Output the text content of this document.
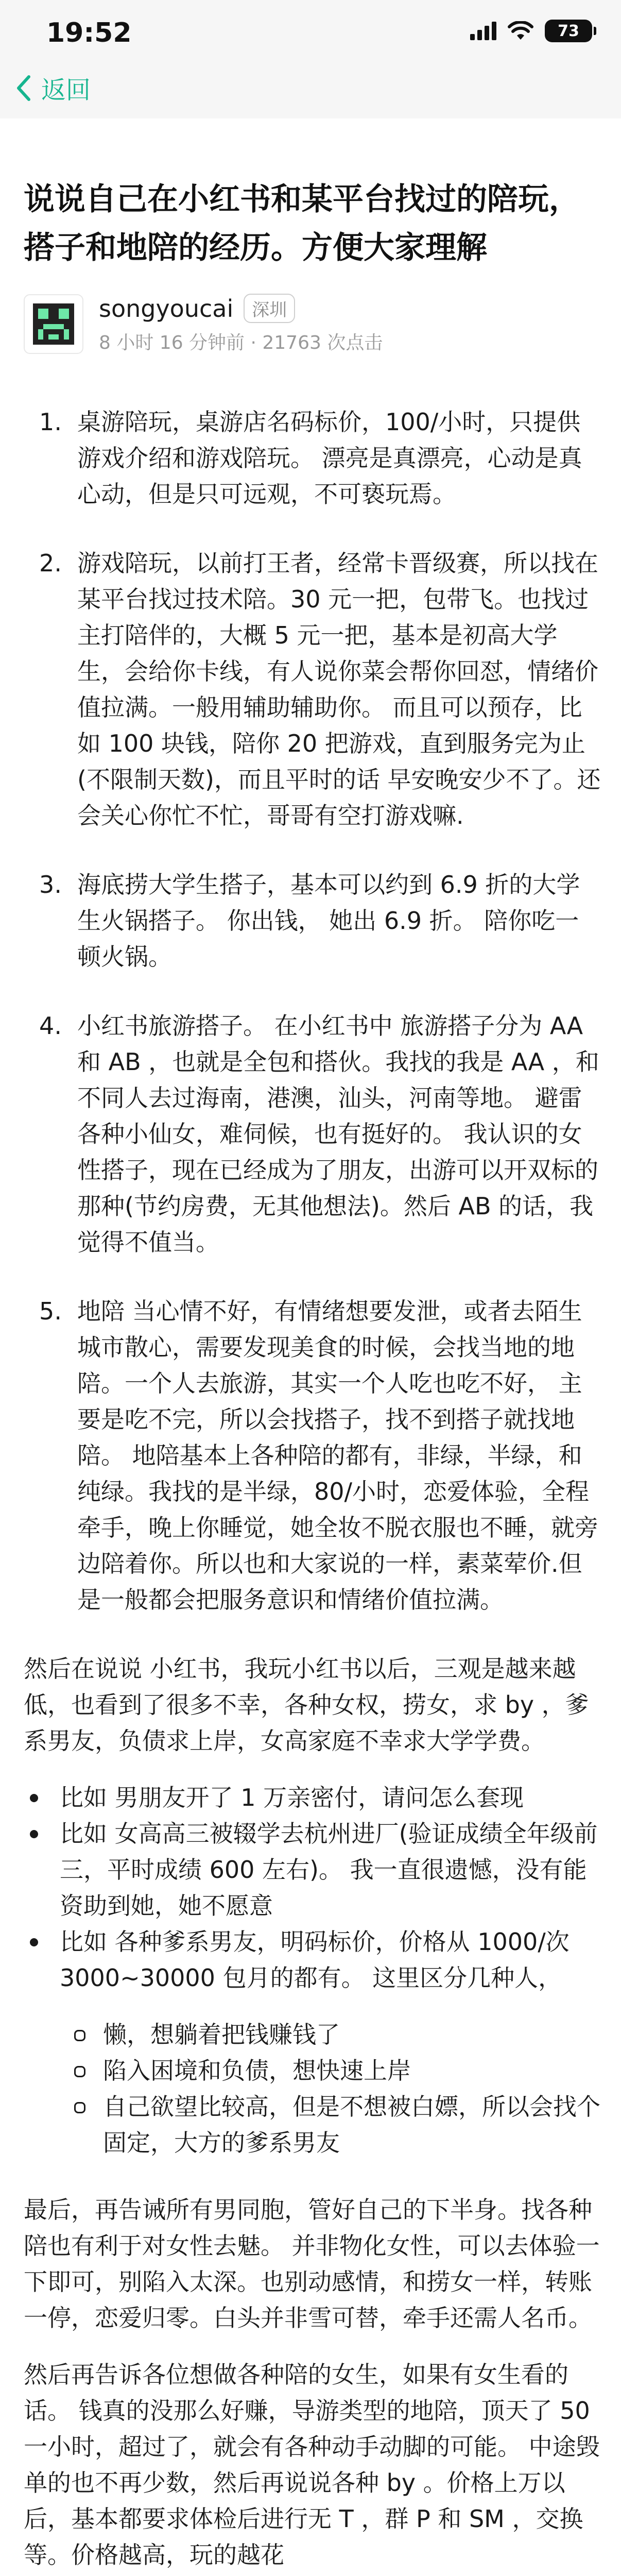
19:52	73
返回
说说自己在小红书和某平台找过的陪玩，搭子和地陪的经历。方便大家理解
songyoucai	深圳
8 小时 16 分钟前 · 21763 次点击
1. 桌游陪玩，桌游店名码标价，100/小时，只提供游戏介绍和游戏陪玩。 漂亮是真漂亮，心动是真心动，但是只可远观，不可亵玩焉。
2. 游戏陪玩，以前打王者，经常卡晋级赛，所以找在某平台找过技术陪。30 元一把，包带飞。也找过主打陪伴的，大概 5 元一把，基本是初高大学生，会给你卡线，有人说你菜会帮你回怼，情绪价值拉满。一般用辅助辅助你。 而且可以预存，比如 100 块钱，陪你 20 把游戏，直到服务完为止(不限制天数)，而且平时的话 早安晚安少不了。还会关心你忙不忙，哥哥有空打游戏嘛.
3. 海底捞大学生搭子，基本可以约到 6.9 折的大学生火锅搭子。 你出钱， 她出 6.9 折。 陪你吃一顿火锅。
4. 小红书旅游搭子。 在小红书中 旅游搭子分为 AA 和 AB ，也就是全包和搭伙。我找的我是 AA ，和不同人去过海南，港澳，汕头，河南等地。 避雷各种小仙女，难伺候，也有挺好的。 我认识的女性搭子，现在已经成为了朋友，出游可以开双标的那种(节约房费，无其他想法)。然后 AB 的话，我觉得不值当。
5. 地陪 当心情不好，有情绪想要发泄，或者去陌生城市散心，需要发现美食的时候，会找当地的地陪。一个人去旅游，其实一个人吃也吃不好， 主要是吃不完，所以会找搭子，找不到搭子就找地陪。 地陪基本上各种陪的都有，非绿，半绿，和纯绿。我找的是半绿，80/小时，恋爱体验，全程牵手，晚上你睡觉，她全妆不脱衣服也不睡，就旁边陪着你。所以也和大家说的一样，素菜荤价.但是一般都会把服务意识和情绪价值拉满。

然后在说说 小红书，我玩小红书以后，三观是越来越低，也看到了很多不幸，各种女权，捞女，求 by ，爹系男友，负债求上岸，女高家庭不幸求大学学费。

比如 男朋友开了 1 万亲密付，请问怎么套现
比如 女高高三被辍学去杭州进厂(验证成绩全年级前三，平时成绩 600 左右)。 我一直很遗憾，没有能资助到她，她不愿意
比如 各种爹系男友，明码标价，价格从 1000/次 3000~30000 包月的都有。 这里区分几种人，
懒，想躺着把钱赚钱了
陷入困境和负债，想快速上岸
自己欲望比较高，但是不想被白嫖，所以会找个固定，大方的爹系男友

最后，再告诫所有男同胞，管好自己的下半身。找各种陪也有利于对女性去魅。 并非物化女性，可以去体验一下即可，别陷入太深。也别动感情，和捞女一样，转账一停，恋爱归零。白头并非雪可替，牵手还需人名币。

然后再告诉各位想做各种陪的女生，如果有女生看的话。 钱真的没那么好赚，导游类型的地陪，顶天了 50 一小时，超过了，就会有各种动手动脚的可能。 中途毁单的也不再少数，然后再说说各种 by 。价格上万以后，基本都要求体检后进行无 T ，群 P 和 SM ，交换等。价格越高，玩的越花
